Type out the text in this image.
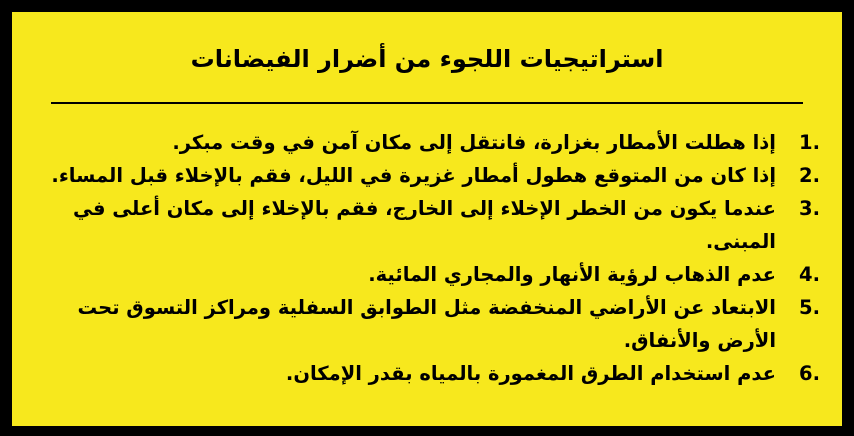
استراتيجيات اللجوء من أضرار الفيضانات
1.
إذا هطلت الأمطار بغزارة، فانتقل إلى مكان آمن في وقت مبكر.
2.
إذا كان من المتوقع هطول أمطار غزيرة في الليل، فقم بالإخلاء قبل المساء.
3.
عندما يكون من الخطر الإخلاء إلى الخارج، فقم بالإخلاء إلى مكان أعلى في المبنى.
4.
عدم الذهاب لرؤية الأنهار والمجاري المائية.
5.
الابتعاد عن الأراضي المنخفضة مثل الطوابق السفلية ومراكز التسوق تحت الأرض والأنفاق.
6.
عدم استخدام الطرق المغمورة بالمياه بقدر الإمكان.
